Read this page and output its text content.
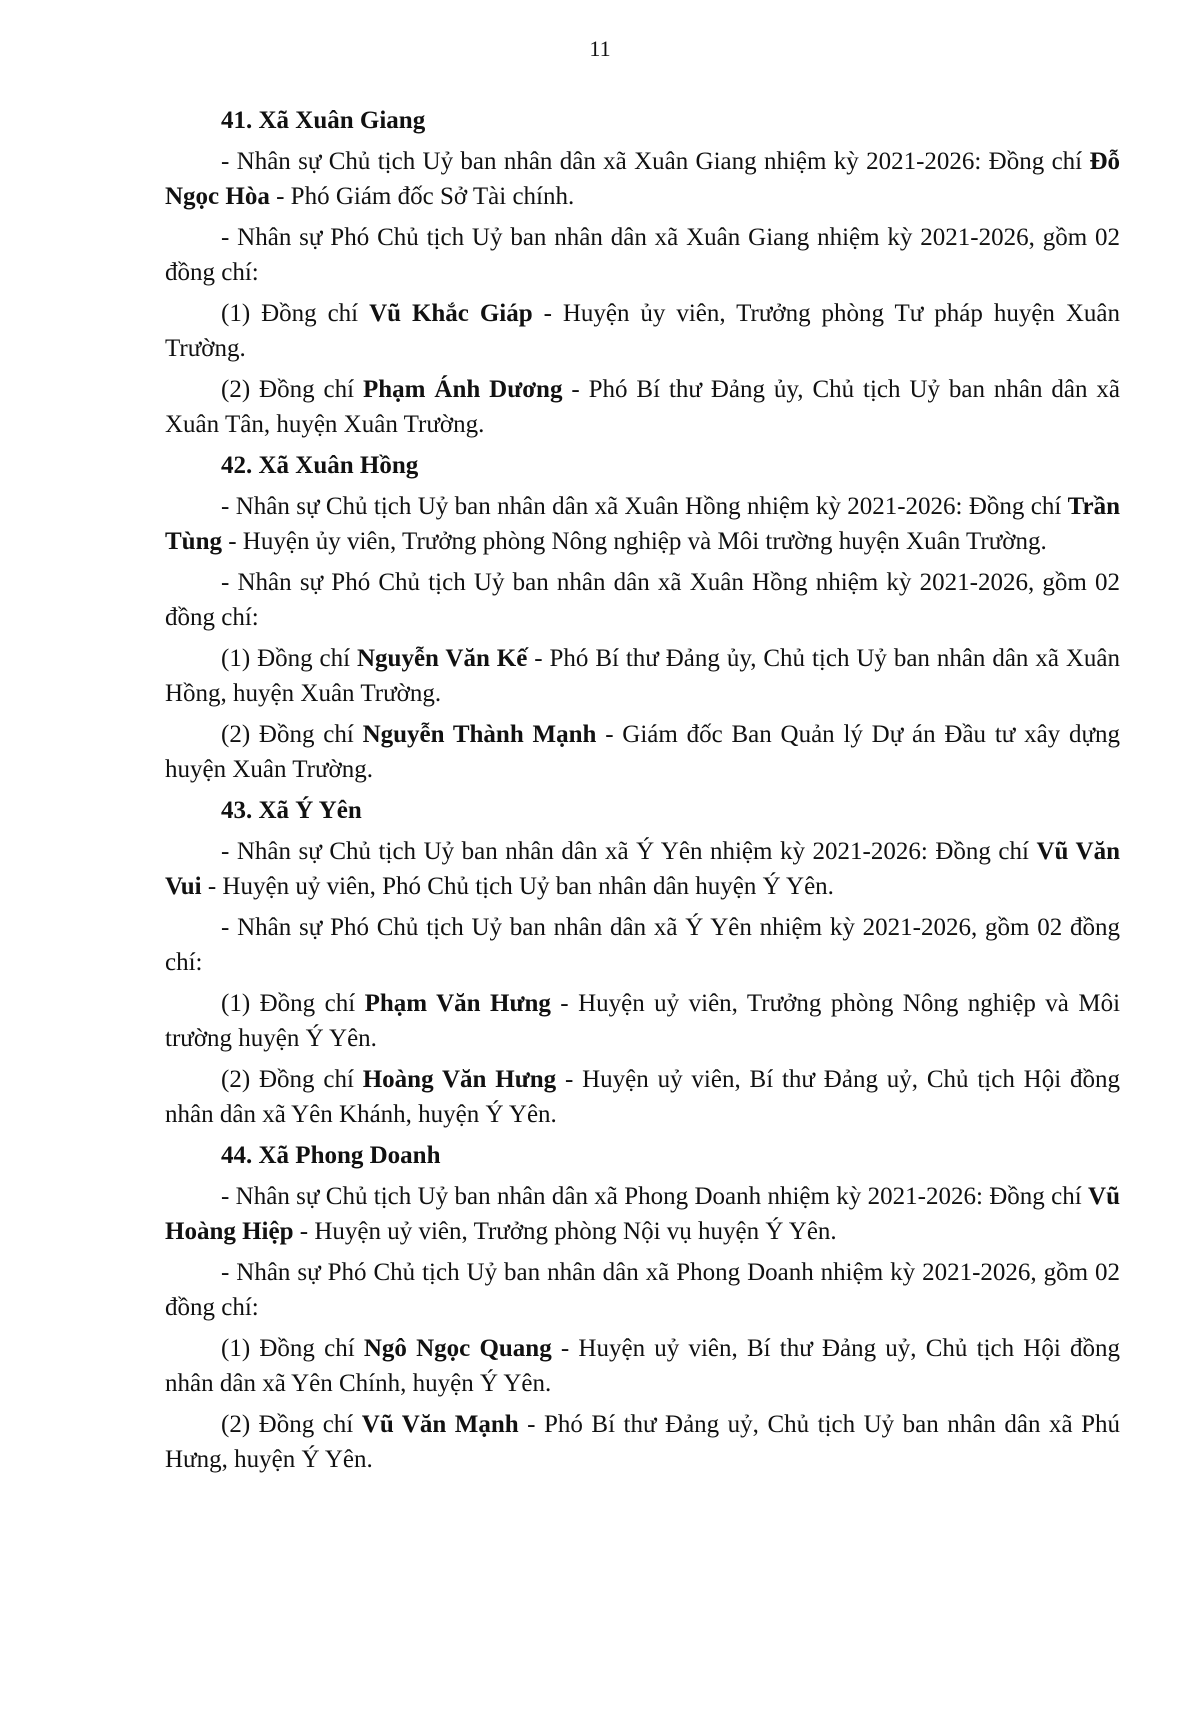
11

41. Xã Xuân Giang

- Nhân sự Chủ tịch Uỷ ban nhân dân xã Xuân Giang nhiệm kỳ 2021-2026: Đồng chí Đỗ Ngọc Hòa - Phó Giám đốc Sở Tài chính.

- Nhân sự Phó Chủ tịch Uỷ ban nhân dân xã Xuân Giang nhiệm kỳ 2021-2026, gồm 02 đồng chí:

(1) Đồng chí Vũ Khắc Giáp - Huyện ủy viên, Trưởng phòng Tư pháp huyện Xuân Trường.

(2) Đồng chí Phạm Ánh Dương - Phó Bí thư Đảng ủy, Chủ tịch Uỷ ban nhân dân xã Xuân Tân, huyện Xuân Trường.

42. Xã Xuân Hồng

- Nhân sự Chủ tịch Uỷ ban nhân dân xã Xuân Hồng nhiệm kỳ 2021-2026: Đồng chí Trần Tùng - Huyện ủy viên, Trưởng phòng Nông nghiệp và Môi trường huyện Xuân Trường.

- Nhân sự Phó Chủ tịch Uỷ ban nhân dân xã Xuân Hồng nhiệm kỳ 2021-2026, gồm 02 đồng chí:

(1) Đồng chí Nguyễn Văn Kế - Phó Bí thư Đảng ủy, Chủ tịch Uỷ ban nhân dân xã Xuân Hồng, huyện Xuân Trường.

(2) Đồng chí Nguyễn Thành Mạnh - Giám đốc Ban Quản lý Dự án Đầu tư xây dựng huyện Xuân Trường.

43. Xã Ý Yên

- Nhân sự Chủ tịch Uỷ ban nhân dân xã Ý Yên nhiệm kỳ 2021-2026: Đồng chí Vũ Văn Vui - Huyện uỷ viên, Phó Chủ tịch Uỷ ban nhân dân huyện Ý Yên.

- Nhân sự Phó Chủ tịch Uỷ ban nhân dân xã Ý Yên nhiệm kỳ 2021-2026, gồm 02 đồng chí:

(1) Đồng chí Phạm Văn Hưng - Huyện uỷ viên, Trưởng phòng Nông nghiệp và Môi trường huyện Ý Yên.

(2) Đồng chí Hoàng Văn Hưng - Huyện uỷ viên, Bí thư Đảng uỷ, Chủ tịch Hội đồng nhân dân xã Yên Khánh, huyện Ý Yên.

44. Xã Phong Doanh

- Nhân sự Chủ tịch Uỷ ban nhân dân xã Phong Doanh nhiệm kỳ 2021-2026: Đồng chí Vũ Hoàng Hiệp - Huyện uỷ viên, Trưởng phòng Nội vụ huyện Ý Yên.

- Nhân sự Phó Chủ tịch Uỷ ban nhân dân xã Phong Doanh nhiệm kỳ 2021-2026, gồm 02 đồng chí:

(1) Đồng chí Ngô Ngọc Quang - Huyện uỷ viên, Bí thư Đảng uỷ, Chủ tịch Hội đồng nhân dân xã Yên Chính, huyện Ý Yên.

(2) Đồng chí Vũ Văn Mạnh - Phó Bí thư Đảng uỷ, Chủ tịch Uỷ ban nhân dân xã Phú Hưng, huyện Ý Yên.
